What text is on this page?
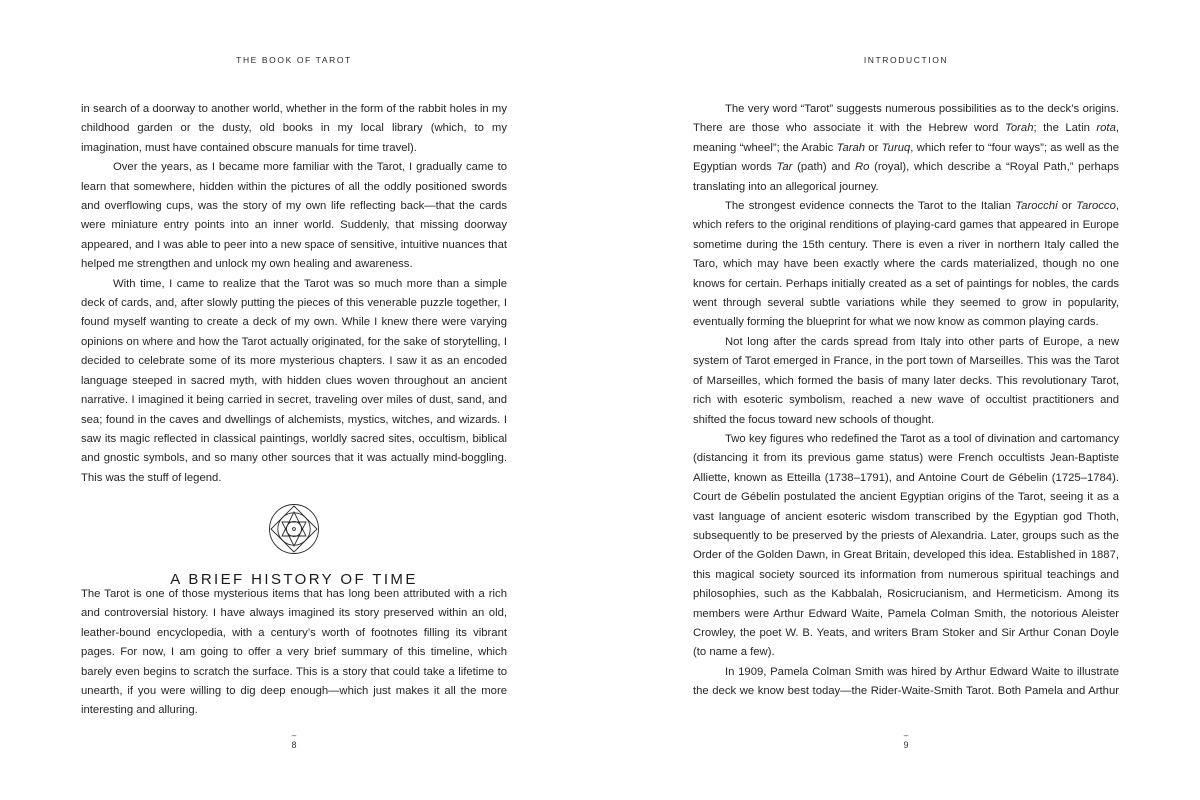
THE BOOK OF TAROT

in search of a doorway to another world, whether in the form of the rabbit holes in my childhood garden or the dusty, old books in my local library (which, to my imagination, must have contained obscure manuals for time travel).

Over the years, as I became more familiar with the Tarot, I gradually came to learn that somewhere, hidden within the pictures of all the oddly positioned swords and overflowing cups, was the story of my own life reflecting back—that the cards were miniature entry points into an inner world. Suddenly, that missing doorway appeared, and I was able to peer into a new space of sensitive, intuitive nuances that helped me strengthen and unlock my own healing and awareness.

With time, I came to realize that the Tarot was so much more than a simple deck of cards, and, after slowly putting the pieces of this venerable puzzle together, I found myself wanting to create a deck of my own. While I knew there were varying opinions on where and how the Tarot actually originated, for the sake of storytelling, I decided to celebrate some of its more mysterious chapters. I saw it as an encoded language steeped in sacred myth, with hidden clues woven throughout an ancient narrative. I imagined it being carried in secret, traveling over miles of dust, sand, and sea; found in the caves and dwellings of alchemists, mystics, witches, and wizards. I saw its magic reflected in classical paintings, worldly sacred sites, occultism, biblical and gnostic symbols, and so many other sources that it was actually mind-boggling. This was the stuff of legend.

A BRIEF HISTORY OF TIME

The Tarot is one of those mysterious items that has long been attributed with a rich and controversial history. I have always imagined its story preserved within an old, leather-bound encyclopedia, with a century’s worth of footnotes filling its vibrant pages. For now, I am going to offer a very brief summary of this timeline, which barely even begins to scratch the surface. This is a story that could take a lifetime to unearth, if you were willing to dig deep enough—which just makes it all the more interesting and alluring.

–
8
INTRODUCTION

The very word “Tarot” suggests numerous possibilities as to the deck’s origins. There are those who associate it with the Hebrew word Torah; the Latin rota, meaning “wheel”; the Arabic Tarah or Turuq, which refer to “four ways”; as well as the Egyptian words Tar (path) and Ro (royal), which describe a “Royal Path,” perhaps translating into an allegorical journey.

The strongest evidence connects the Tarot to the Italian Tarocchi or Tarocco, which refers to the original renditions of playing-card games that appeared in Europe sometime during the 15th century. There is even a river in northern Italy called the Taro, which may have been exactly where the cards materialized, though no one knows for certain. Perhaps initially created as a set of paintings for nobles, the cards went through several subtle variations while they seemed to grow in popularity, eventually forming the blueprint for what we now know as common playing cards.

Not long after the cards spread from Italy into other parts of Europe, a new system of Tarot emerged in France, in the port town of Marseilles. This was the Tarot of Marseilles, which formed the basis of many later decks. This revolutionary Tarot, rich with esoteric symbolism, reached a new wave of occultist practitioners and shifted the focus toward new schools of thought.

Two key figures who redefined the Tarot as a tool of divination and cartomancy (distancing it from its previous game status) were French occultists Jean-Baptiste Alliette, known as Etteilla (1738–1791), and Antoine Court de Gébelin (1725–1784). Court de Gébelin postulated the ancient Egyptian origins of the Tarot, seeing it as a vast language of ancient esoteric wisdom transcribed by the Egyptian god Thoth, subsequently to be preserved by the priests of Alexandria. Later, groups such as the Order of the Golden Dawn, in Great Britain, developed this idea. Established in 1887, this magical society sourced its information from numerous spiritual teachings and philosophies, such as the Kabbalah, Rosicrucianism, and Hermeticism. Among its members were Arthur Edward Waite, Pamela Colman Smith, the notorious Aleister Crowley, the poet W. B. Yeats, and writers Bram Stoker and Sir Arthur Conan Doyle (to name a few).

In 1909, Pamela Colman Smith was hired by Arthur Edward Waite to illustrate the deck we know best today—the Rider-Waite-Smith Tarot. Both Pamela and Arthur

–
9
